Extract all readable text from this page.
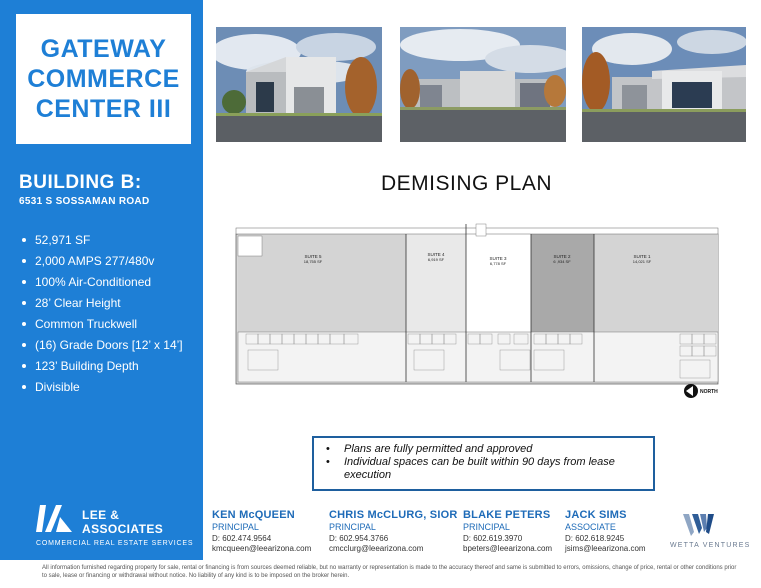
GATEWAY
COMMERCE
CENTER III
BUILDING B:
6531 S SOSSAMAN ROAD
52,971 SF
2,000 AMPS 277/480v
100% Air-Conditioned
28’ Clear Height
Common Truckwell
(16) Grade Doors [12’ x 14’]
123’ Building Depth
Divisible
LEE &
ASSOCIATES
COMMERCIAL REAL ESTATE SERVICES
DEMISING PLAN
SUITE 5
18,755 SF
SUITE 4
6,919 SF	SUITE 3
6,778 SF
SUITE 2
6 ,934 SF
SUITE 1
14,021 SF
NORTH
•	Plans are fully permitted and approved
•	Individual spaces can be built within 90 days from lease execution
KEN McQUEEN
PRINCIPAL
D: 602.474.9564
kmcqueen@leearizona.com
CHRIS McCLURG, SIOR
PRINCIPAL
D: 602.954.3766
cmcclurg@leearizona.com
BLAKE PETERS
PRINCIPAL
D: 602.619.3970
bpeters@leearizona.com
JACK SIMS
ASSOCIATE
D: 602.618.9245
jsims@leearizona.com	WETTA VENTURES
All information furnished regarding property for sale, rental or financing is from sources deemed reliable, but no warranty or representation is made to the accuracy thereof and same is submitted to errors, omissions, change of price, rental or other conditions prior to sale, lease or financing or withdrawal without notice. No liability of any kind is to be imposed on the broker herein.
